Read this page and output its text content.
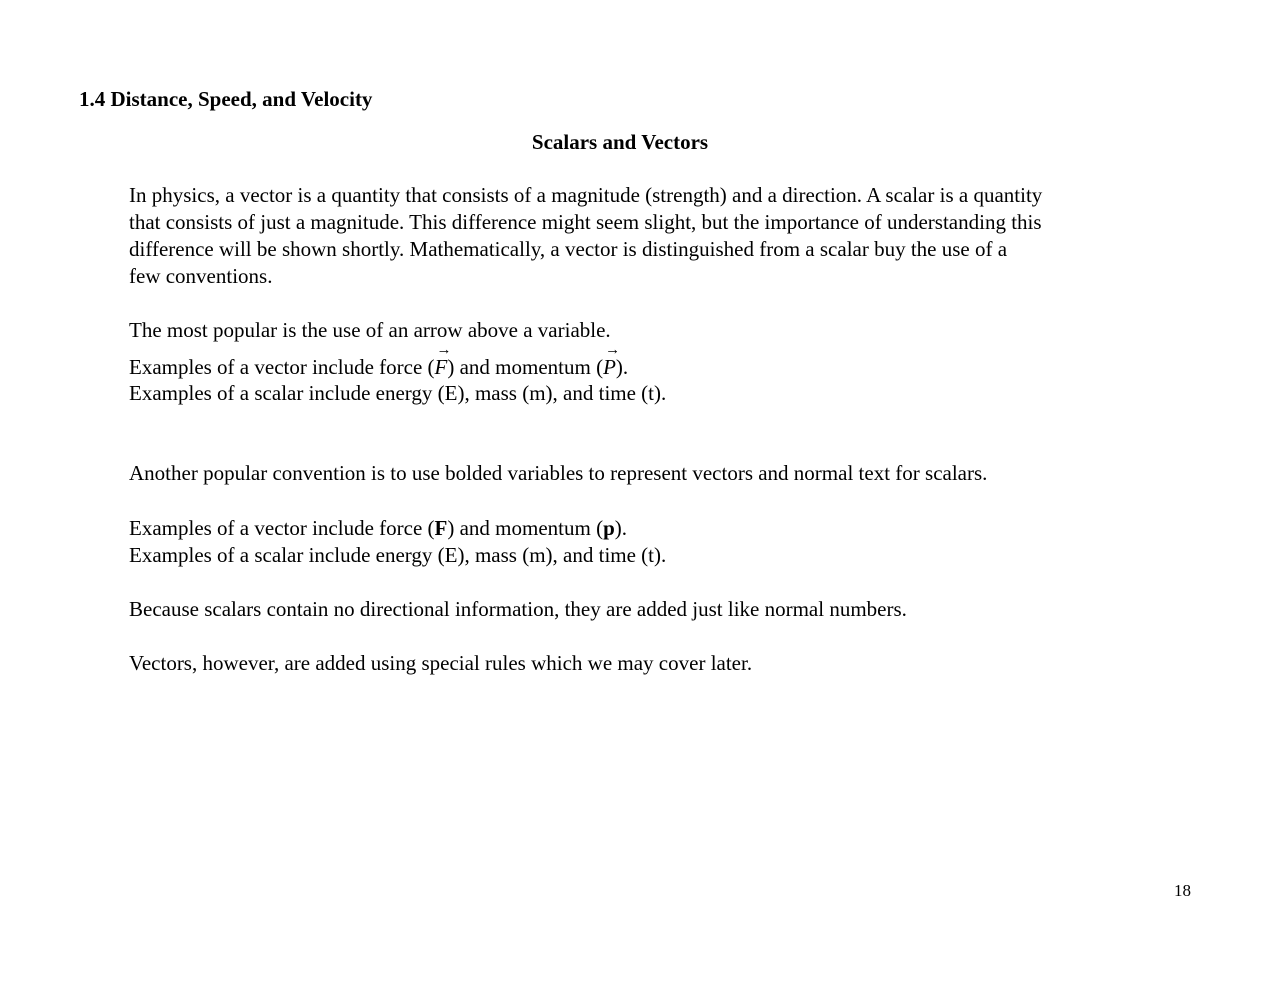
1.4 Distance, Speed, and Velocity
Scalars and Vectors

In physics, a vector is a quantity that consists of a magnitude (strength) and a direction. A scalar is a quantity
that consists of just a magnitude. This difference might seem slight, but the importance of understanding this
difference will be shown shortly. Mathematically, a vector is distinguished from a scalar buy the use of a
few conventions.

The most popular is the use of an arrow above a variable.

Examples of a vector include force (
→
F) and momentum (
→
P).

Examples of a scalar include energy (E), mass (m), and time (t).

Another popular convention is to use bolded variables to represent vectors and normal text for scalars.

Examples of a vector include force (F) and momentum (p).

Examples of a scalar include energy (E), mass (m), and time (t).

Because scalars contain no directional information, they are added just like normal numbers.

Vectors, however, are added using special rules which we may cover later.

18
